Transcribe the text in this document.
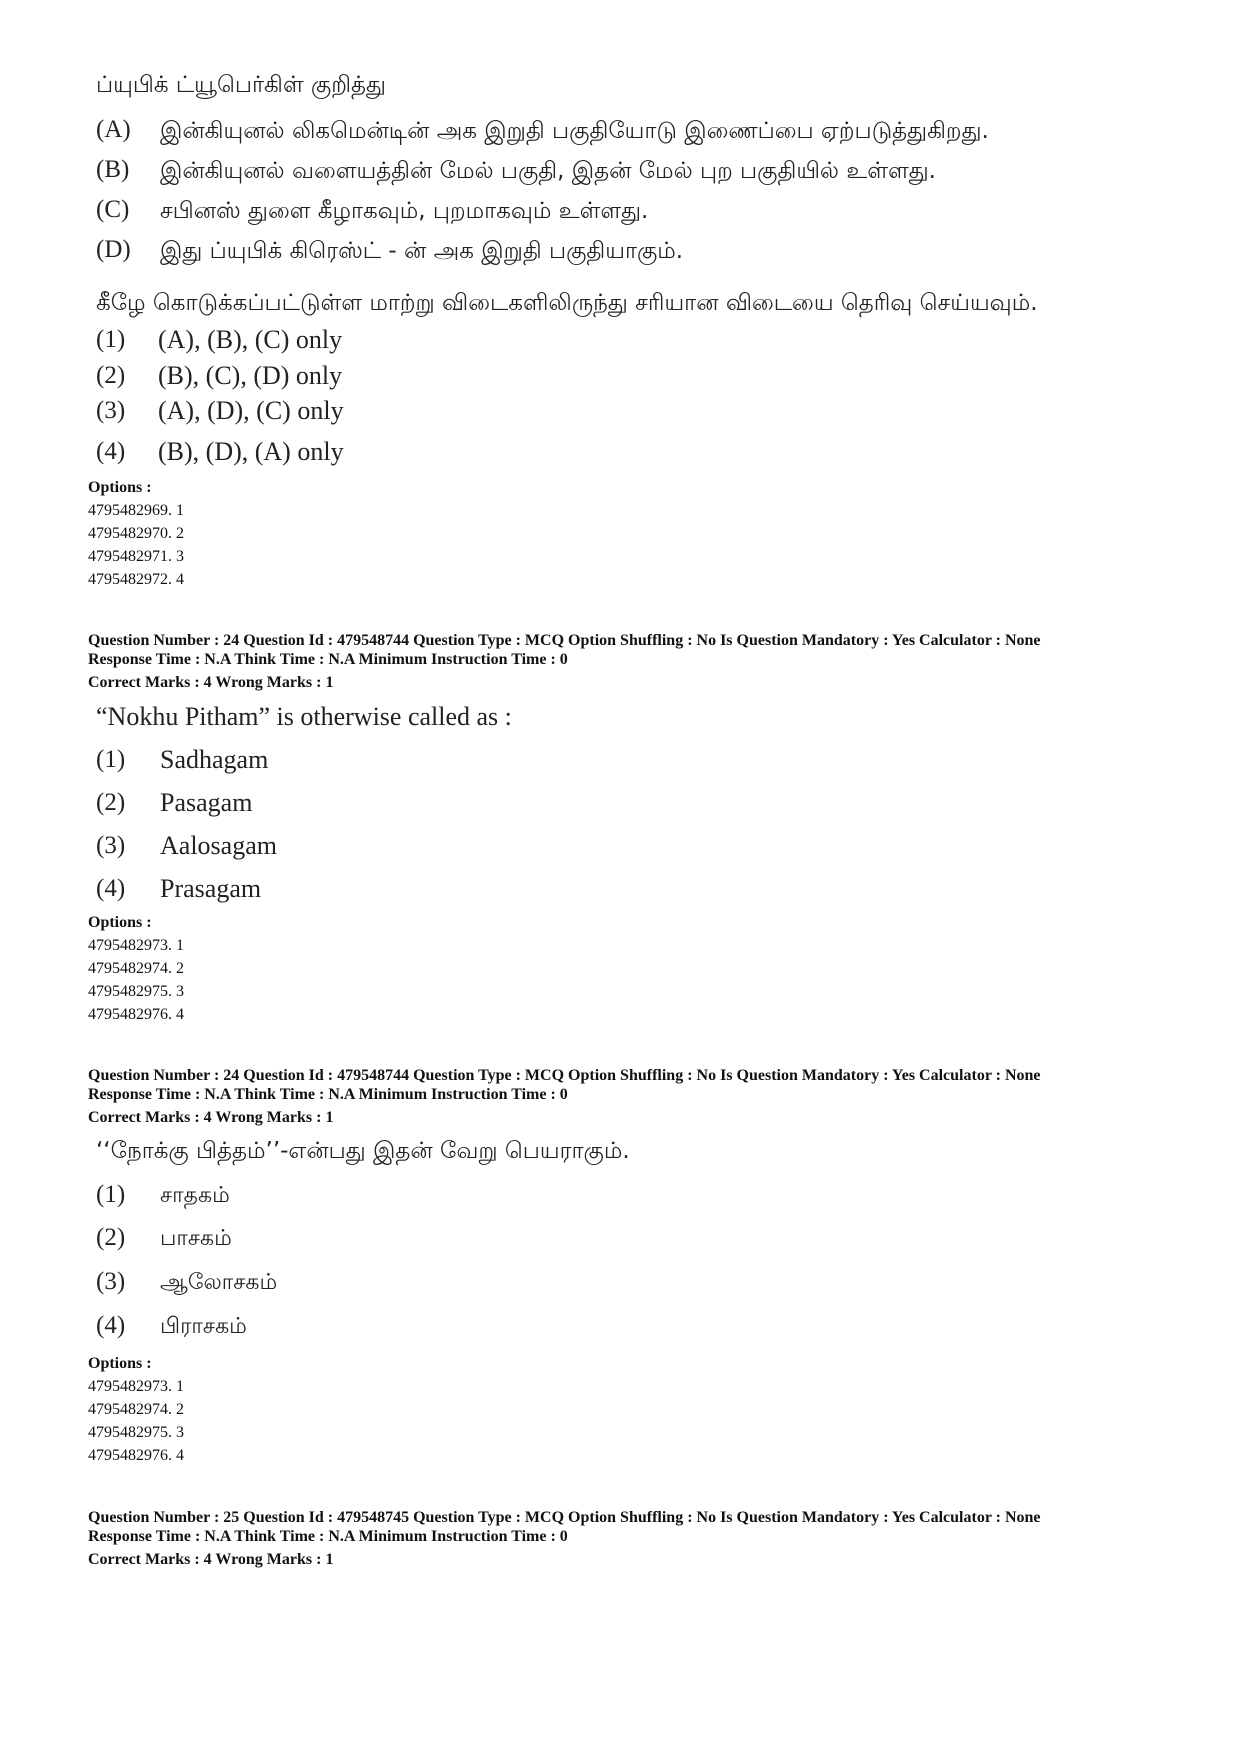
ப்யுபிக் ட்யூபெர்கிள் குறித்து
(A) இன்கியுனல் லிகமென்டின் அக இறுதி பகுதியோடு இணைப்பை ஏற்படுத்துகிறது.
(B) இன்கியுனல் வளையத்தின் மேல் பகுதி, இதன் மேல் புற பகுதியில் உள்ளது.
(C) சபினஸ் துளை கீழாகவும், புறமாகவும் உள்ளது.
(D) இது ப்யுபிக் கிரெஸ்ட் - ன் அக இறுதி பகுதியாகும்.
கீழே கொடுக்கப்பட்டுள்ள மாற்று விடைகளிலிருந்து சரியான விடையை தெரிவு செய்யவும்.
(1) (A), (B), (C) only
(2) (B), (C), (D) only
(3) (A), (D), (C) only
(4) (B), (D), (A) only
Options :
4795482969. 1
4795482970. 2
4795482971. 3
4795482972. 4
Question Number : 24 Question Id : 479548744 Question Type : MCQ Option Shuffling : No Is Question Mandatory : Yes Calculator : None
Response Time : N.A Think Time : N.A Minimum Instruction Time : 0
Correct Marks : 4 Wrong Marks : 1
“Nokhu Pitham” is otherwise called as :
(1) Sadhagam
(2) Pasagam
(3) Aalosagam
(4) Prasagam
Options :
4795482973. 1
4795482974. 2
4795482975. 3
4795482976. 4
Question Number : 24 Question Id : 479548744 Question Type : MCQ Option Shuffling : No Is Question Mandatory : Yes Calculator : None
Response Time : N.A Think Time : N.A Minimum Instruction Time : 0
Correct Marks : 4 Wrong Marks : 1
‘‘நோக்கு பித்தம்’’-என்பது இதன் வேறு பெயராகும்.
(1) சாதகம்
(2) பாசகம்
(3) ஆலோசகம்
(4) பிராசகம்
Options :
4795482973. 1
4795482974. 2
4795482975. 3
4795482976. 4
Question Number : 25 Question Id : 479548745 Question Type : MCQ Option Shuffling : No Is Question Mandatory : Yes Calculator : None
Response Time : N.A Think Time : N.A Minimum Instruction Time : 0
Correct Marks : 4 Wrong Marks : 1
